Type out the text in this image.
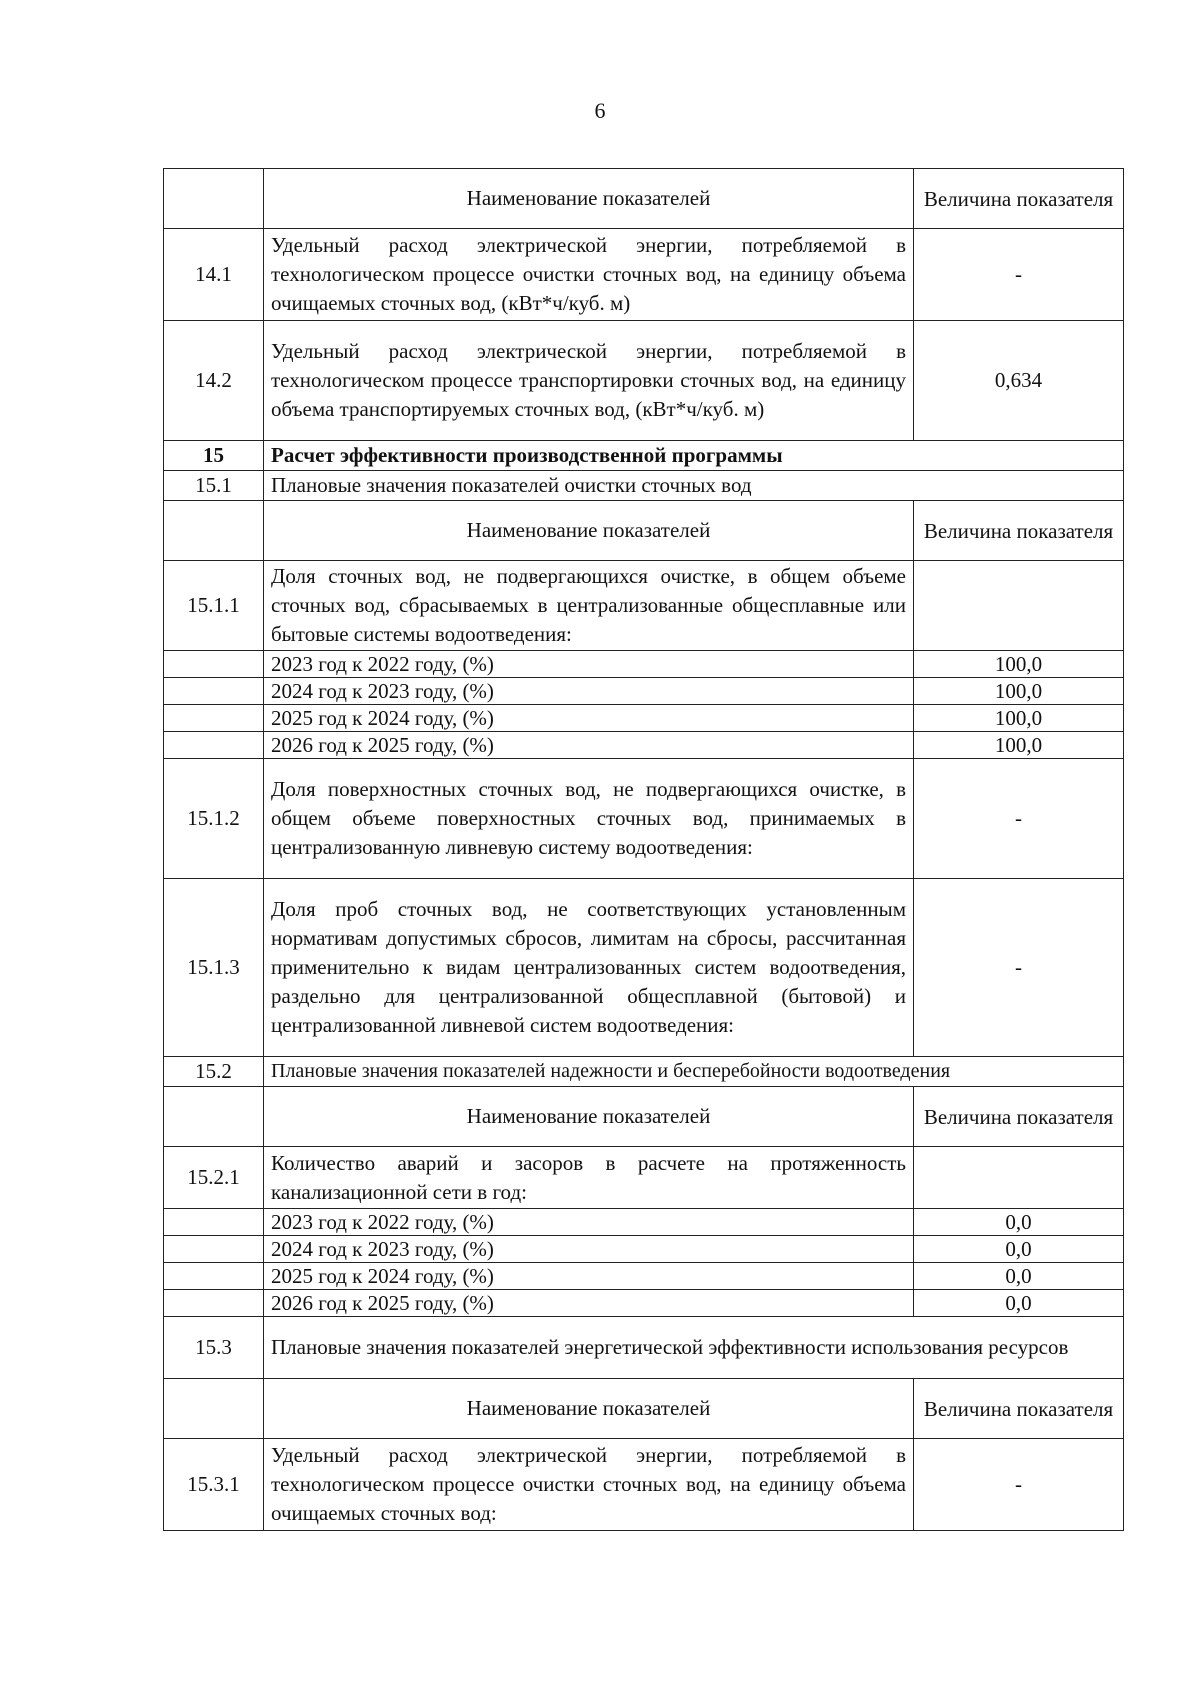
6
	Наименование показателей	Величина показателя
14.1	Удельный расход электрической энергии, потребляемой в технологическом процессе очистки сточных вод, на единицу объема очищаемых сточных вод, (кВт*ч/куб. м)	-
14.2	Удельный расход электрической энергии, потребляемой в технологическом процессе транспортировки сточных вод, на единицу объема транспортируемых сточных вод, (кВт*ч/куб. м)	0,634
15	Расчет эффективности производственной программы	
15.1	Плановые значения показателей очистки сточных вод	
	Наименование показателей	Величина показателя
15.1.1	Доля сточных вод, не подвергающихся очистке, в общем объеме сточных вод, сбрасываемых в централизованные общесплавные или бытовые системы водоотведения:	
	2023 год к 2022 году, (%)	100,0
	2024 год к 2023 году, (%)	100,0
	2025 год к 2024 году, (%)	100,0
	2026 год к 2025 году, (%)	100,0
15.1.2	Доля поверхностных сточных вод, не подвергающихся очистке, в общем объеме поверхностных сточных вод, принимаемых в централизованную ливневую систему водоотведения:	-
15.1.3	Доля проб сточных вод, не соответствующих установленным нормативам допустимых сбросов, лимитам на сбросы, рассчитанная применительно к видам централизованных систем водоотведения, раздельно для централизованной общесплавной (бытовой) и централизованной ливневой систем водоотведения:	-
15.2	Плановые значения показателей надежности и бесперебойности водоотведения	
	Наименование показателей	Величина показателя
15.2.1	Количество аварий и засоров в расчете на протяженность канализационной сети в год:	
	2023 год к 2022 году, (%)	0,0
	2024 год к 2023 году, (%)	0,0
	2025 год к 2024 году, (%)	0,0
	2026 год к 2025 году, (%)	0,0
15.3	Плановые значения показателей энергетической эффективности использования ресурсов	
	Наименование показателей	Величина показателя
15.3.1	Удельный расход электрической энергии, потребляемой в технологическом процессе очистки сточных вод, на единицу объема очищаемых сточных вод:	-
